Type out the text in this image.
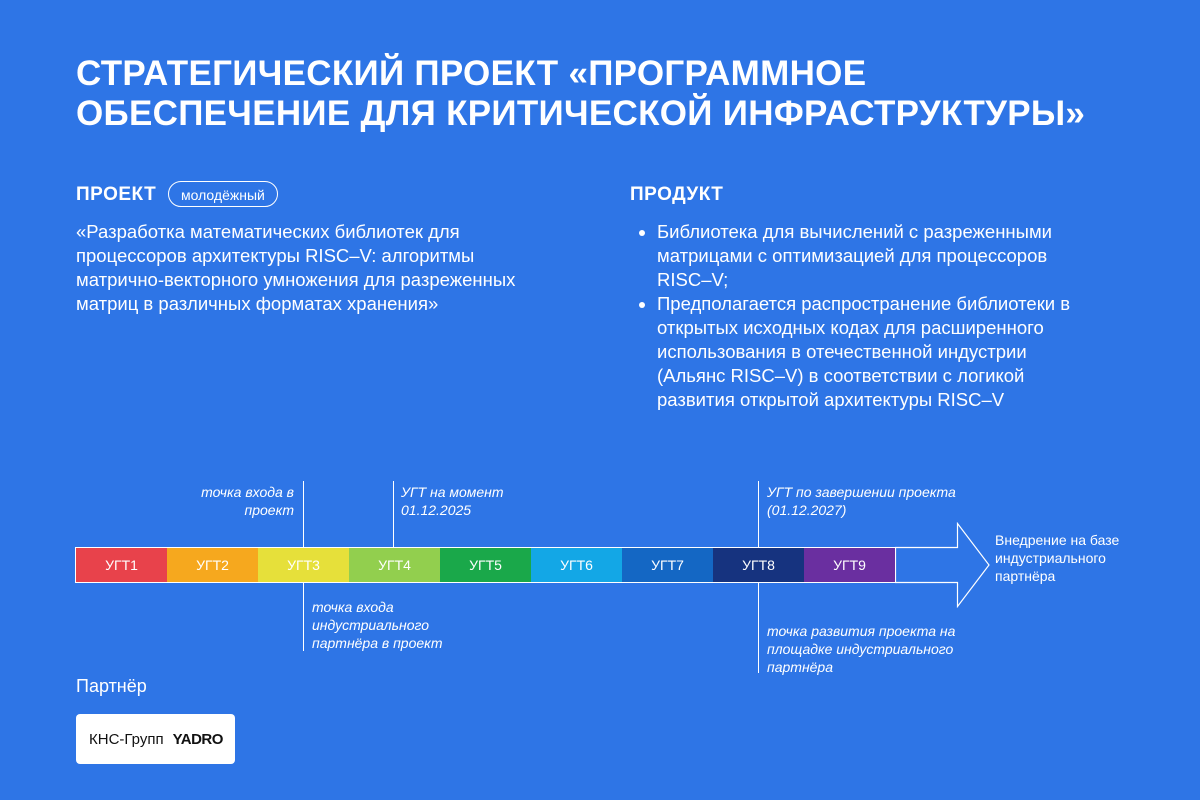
СТРАТЕГИЧЕСКИЙ ПРОЕКТ «ПРОГРАММНОЕ ОБЕСПЕЧЕНИЕ ДЛЯ КРИТИЧЕСКОЙ ИНФРАСТРУКТУРЫ»
ПРОЕКТ	молодёжный

«Разработка математических библиотек для процессоров архитектуры RISC–V: алгоритмы матрично-векторного умножения для разреженных матриц в различных форматах хранения»

ПРОДУКТ
Библиотека для вычислений с разреженными матрицами с оптимизацией для процессоров RISC–V;
Предполагается распространение библиотеки в открытых исходных кодах для расширенного использования в отечественной индустрии (Альянс RISC–V) в соответствии с логикой развития открытой архитектуры RISC–V
точка входа в проект
УГТ на момент 01.12.2025
УГТ по завершении проекта (01.12.2027)
УГТ1	УГТ2	УГТ3	УГТ4	УГТ5	УГТ6	УГТ7	УГТ8	УГТ9
Внедрение на базе индустриального партнёра
точка входа индустриального партнёра в проект
точка развития проекта на площадке индустриального партнёра
Партнёр
КНС-Групп YADRO
